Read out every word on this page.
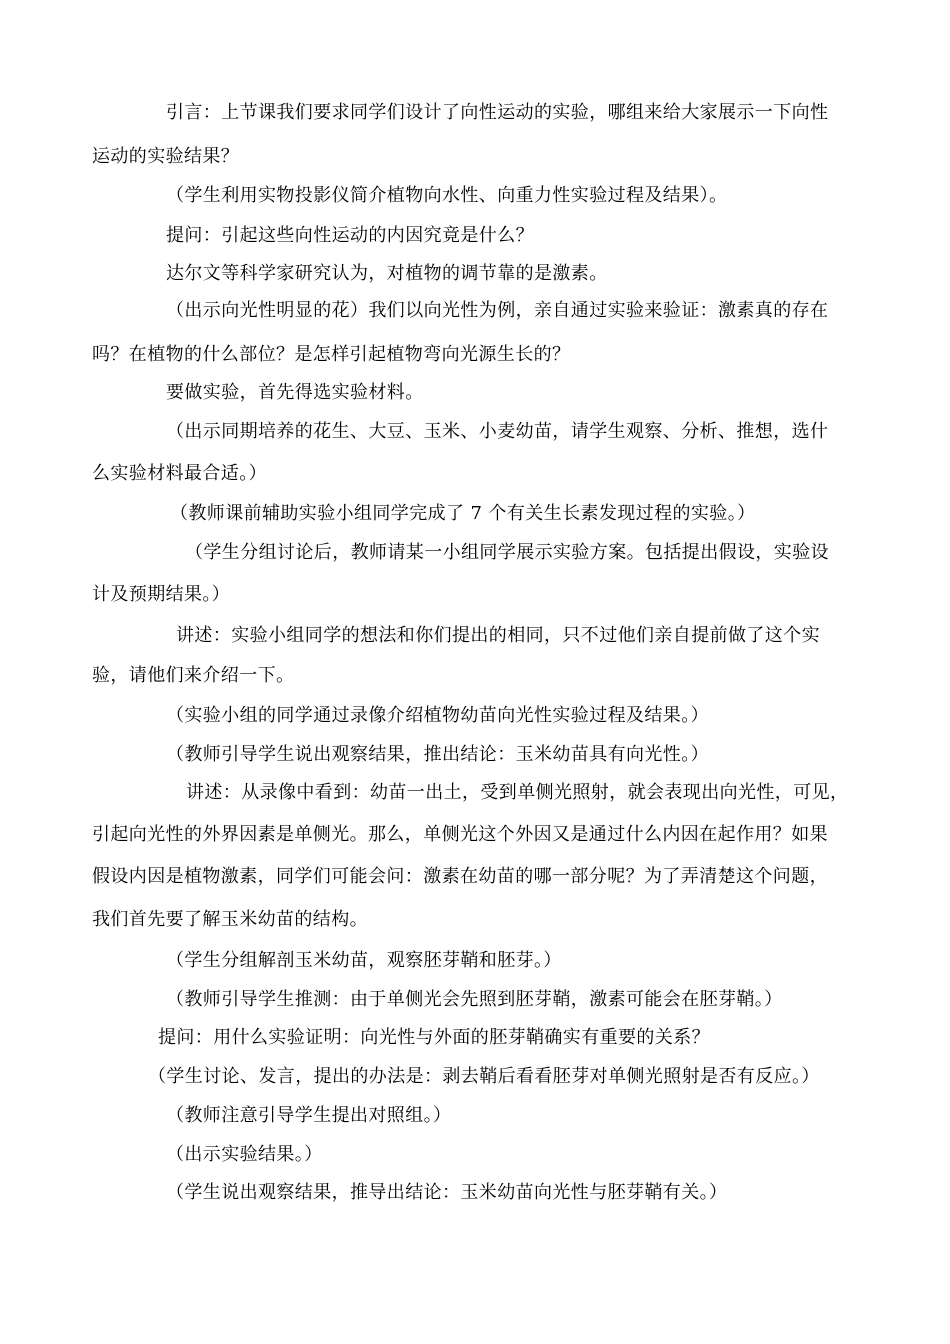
引言：上节课我们要求同学们设计了向性运动的实验，哪组来给大家展示一下向性
运动的实验结果？
（学生利用实物投影仪简介植物向水性、向重力性实验过程及结果）。
提问：引起这些向性运动的内因究竟是什么？
达尔文等科学家研究认为，对植物的调节靠的是激素。
（出示向光性明显的花）我们以向光性为例，亲自通过实验来验证：激素真的存在
吗？在植物的什么部位？是怎样引起植物弯向光源生长的？
要做实验，首先得选实验材料。
（出示同期培养的花生、大豆、玉米、小麦幼苗，请学生观察、分析、推想，选什
么实验材料最合适。）
（教师课前辅助实验小组同学完成了 7 个有关生长素发现过程的实验。）
（学生分组讨论后，教师请某一小组同学展示实验方案。包括提出假设，实验设
计及预期结果。）
讲述：实验小组同学的想法和你们提出的相同，只不过他们亲自提前做了这个实
验，请他们来介绍一下。
（实验小组的同学通过录像介绍植物幼苗向光性实验过程及结果。）
（教师引导学生说出观察结果，推出结论：玉米幼苗具有向光性。）
讲述：从录像中看到：幼苗一出土，受到单侧光照射，就会表现出向光性，可见，
引起向光性的外界因素是单侧光。那么，单侧光这个外因又是通过什么内因在起作用？如果
假设内因是植物激素，同学们可能会问：激素在幼苗的哪一部分呢？为了弄清楚这个问题，
我们首先要了解玉米幼苗的结构。
（学生分组解剖玉米幼苗，观察胚芽鞘和胚芽。）
（教师引导学生推测：由于单侧光会先照到胚芽鞘，激素可能会在胚芽鞘。）
提问：用什么实验证明：向光性与外面的胚芽鞘确实有重要的关系？
（学生讨论、发言，提出的办法是：剥去鞘后看看胚芽对单侧光照射是否有反应。）
（教师注意引导学生提出对照组。）
（出示实验结果。）
（学生说出观察结果，推导出结论：玉米幼苗向光性与胚芽鞘有关。）
